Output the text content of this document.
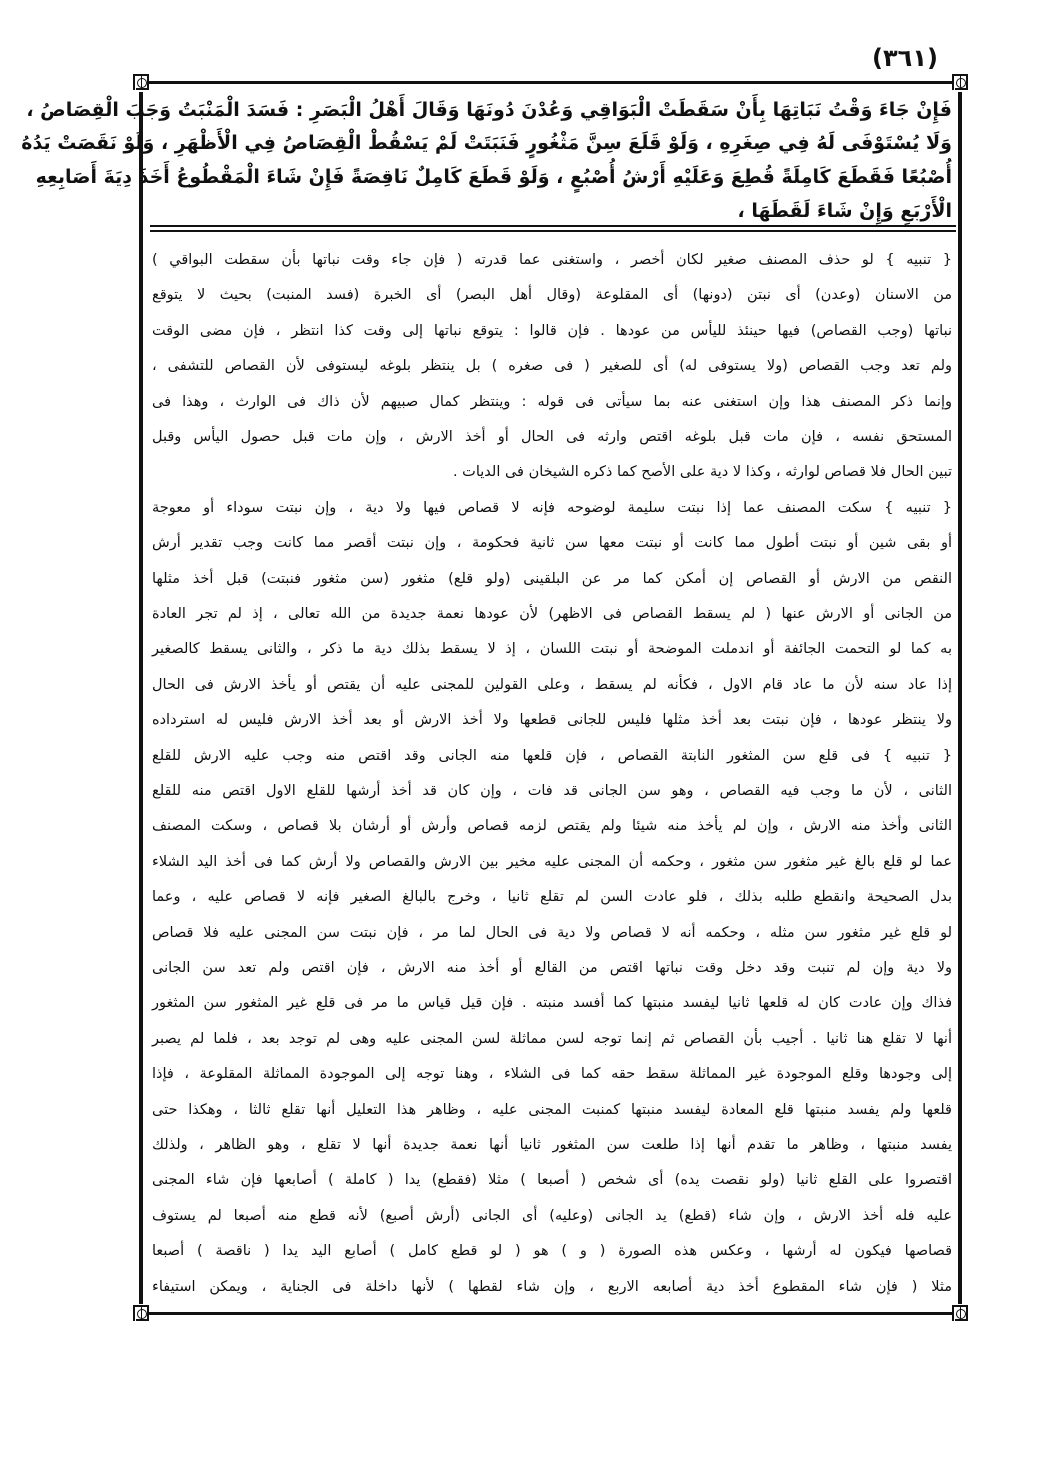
(٣٦١)
فَإِنْ جَاءَ وَقْتُ نَبَاتِهَا بِأَنْ سَقَطَتْ الْبَوَاقِي وَعُدْنَ دُونَهَا وَقَالَ أَهْلُ الْبَصَرِ : فَسَدَ الْمَنْبَتُ وَجَبَ الْقِصَاصُ ،
وَلَا يُسْتَوْفَى لَهُ فِي صِغَرِهِ ، وَلَوْ قَلَعَ سِنَّ مَثْغُورٍ فَنَبَتَتْ لَمْ يَسْقُطْ الْقِصَاصُ فِي الْأَظْهَرِ ، وَلَوْ نَقَصَتْ يَدُهُ
أُصْبُعًا فَقَطَعَ كَامِلَةً قُطِعَ وَعَلَيْهِ أَرْشُ أُصْبُعٍ ، وَلَوْ قَطَعَ كَامِلٌ نَاقِصَةً فَإِنْ شَاءَ الْمَقْطُوعُ أَخَذَ دِيَةَ أَصَابِعِهِ
الْأَرْبَعِ وَإِنْ شَاءَ لَقَطَهَا ،
{ تنبيه } لو حذف المصنف صغير لكان أخصر ، واستغنى عما قدرته ( فإن جاء وقت نباتها بأن سقطت البواقي )
من الاسنان (وعدن) أى نبتن (دونها) أى المقلوعة (وقال أهل البصر) أى الخبرة (فسد المنبت) بحيث لا يتوقع
نباتها (وجب القصاص) فيها حينئذ لليأس من عودها . فإن قالوا : يتوقع نباتها إلى وقت كذا انتظر ، فإن مضى الوقت
ولم تعد وجب القصاص (ولا يستوفى له) أى للصغير ( فى صغره ) بل ينتظر بلوغه ليستوفى لأن القصاص للتشفى ،
وإنما ذكر المصنف هذا وإن استغنى عنه بما سيأتى فى قوله : وينتظر كمال صبيهم لأن ذاك فى الوارث ، وهذا فى
المستحق نفسه ، فإن مات قبل بلوغه اقتص وارثه فى الحال أو أخذ الارش ، وإن مات قبل حصول اليأس وقبل
تبين الحال فلا قصاص لوارثه ، وكذا لا دية على الأصح كما ذكره الشيخان فى الديات .
{ تنبيه } سكت المصنف عما إذا نبتت سليمة لوضوحه فإنه لا قصاص فيها ولا دية ، وإن نبتت سوداء أو معوجة
أو بقى شين أو نبتت أطول مما كانت أو نبتت معها سن ثانية فحكومة ، وإن نبتت أقصر مما كانت وجب تقدير أرش
النقص من الارش أو القصاص إن أمكن كما مر عن البلقينى (ولو قلع) مثغور (سن مثغور فنبتت) قبل أخذ مثلها
من الجانى أو الارش عنها ( لم يسقط القصاص فى الاظهر) لأن عودها نعمة جديدة من الله تعالى ، إذ لم تجر العادة
به كما لو التحمت الجائفة أو اندملت الموضحة أو نبتت اللسان ، إذ لا يسقط بذلك دية ما ذكر ، والثانى يسقط كالصغير
إذا عاد سنه لأن ما عاد قام الاول ، فكأنه لم يسقط ، وعلى القولين للمجنى عليه أن يقتص أو يأخذ الارش فى الحال
ولا ينتظر عودها ، فإن نبتت بعد أخذ مثلها فليس للجانى قطعها ولا أخذ الارش أو بعد أخذ الارش فليس له استرداده
{ تنبيه } فى قلع سن المثغور النابتة القصاص ، فإن قلعها منه الجانى وقد اقتص منه وجب عليه الارش للقلع
الثانى ، لأن ما وجب فيه القصاص ، وهو سن الجانى قد فات ، وإن كان قد أخذ أرشها للقلع الاول اقتص منه للقلع
الثانى وأخذ منه الارش ، وإن لم يأخذ منه شيئا ولم يقتص لزمه قصاص وأرش أو أرشان بلا قصاص ، وسكت المصنف
عما لو قلع بالغ غير مثغور سن مثغور ، وحكمه أن المجنى عليه مخير بين الارش والقصاص ولا أرش كما فى أخذ اليد الشلاء
بدل الصحيحة وانقطع طلبه بذلك ، فلو عادت السن لم تقلع ثانيا ، وخرج بالبالغ الصغير فإنه لا قصاص عليه ، وعما
لو قلع غير مثغور سن مثله ، وحكمه أنه لا قصاص ولا دية فى الحال لما مر ، فإن نبتت سن المجنى عليه فلا قصاص
ولا دية وإن لم تنبت وقد دخل وقت نباتها اقتص من القالع أو أخذ منه الارش ، فإن اقتص ولم تعد سن الجانى
فذاك وإن عادت كان له قلعها ثانيا ليفسد منبتها كما أفسد منبته . فإن قيل قياس ما مر فى قلع غير المثغور سن المثغور
أنها لا تقلع هنا ثانيا . أجيب بأن القصاص ثم إنما توجه لسن مماثلة لسن المجنى عليه وهى لم توجد بعد ، فلما لم يصبر
إلى وجودها وقلع الموجودة غير المماثلة سقط حقه كما فى الشلاء ، وهنا توجه إلى الموجودة المماثلة المقلوعة ، فإذا
قلعها ولم يفسد منبتها قلع المعادة ليفسد منبتها كمنبت المجنى عليه ، وظاهر هذا التعليل أنها تقلع ثالثا ، وهكذا حتى
يفسد منبتها ، وظاهر ما تقدم أنها إذا طلعت سن المثغور ثانيا أنها نعمة جديدة أنها لا تقلع ، وهو الظاهر ، ولذلك
اقتصروا على القلع ثانيا (ولو نقصت يده) أى شخص ( أصبعا ) مثلا (فقطع) يدا ( كاملة ) أصابعها فإن شاء المجنى
عليه فله أخذ الارش ، وإن شاء (قطع) يد الجانى (وعليه) أى الجانى (أرش أصبع) لأنه قطع منه أصبعا لم يستوف
قصاصها فيكون له أرشها ، وعكس هذه الصورة ( و ) هو ( لو قطع كامل ) أصابع اليد يدا ( ناقصة ) أصبعا
مثلا ( فإن شاء المقطوع أخذ دية أصابعه الاربع ، وإن شاء لقطها ) لأنها داخلة فى الجناية ، ويمكن استيفاء
